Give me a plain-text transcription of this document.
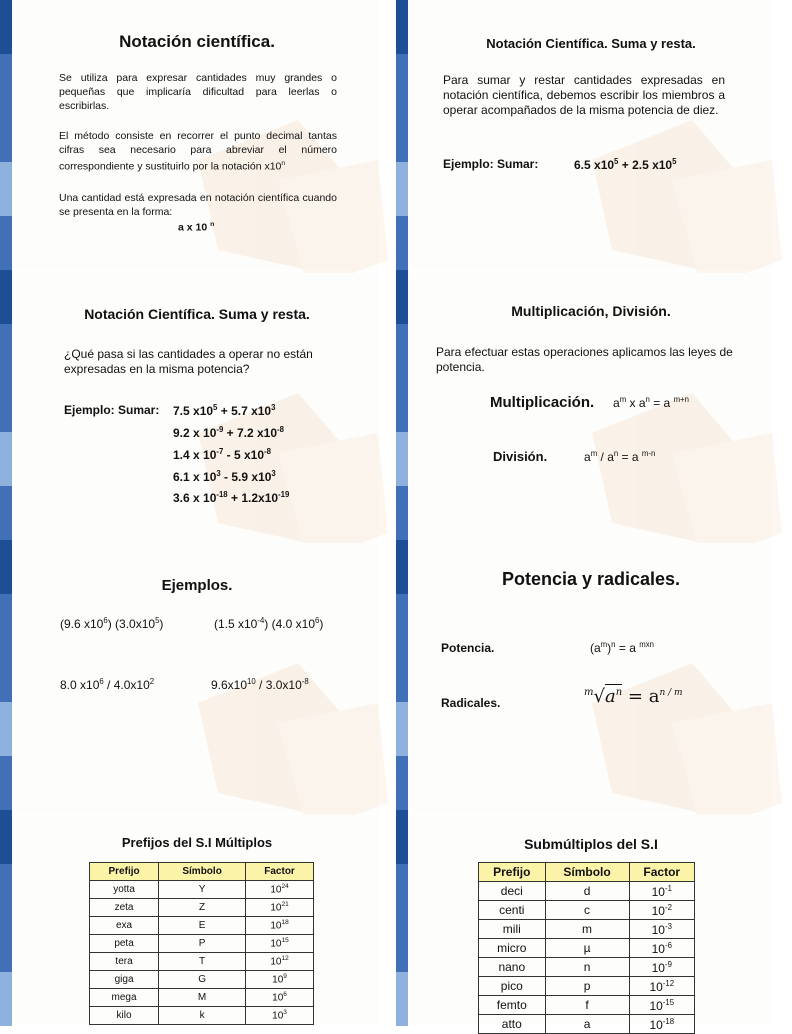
Notación científica.
Se utiliza para expresar cantidades muy grandes o pequeñas que implicaría dificultad para leerlas o escribirlas.
El método consiste en recorrer el punto decimal tantas cifras sea necesario para abreviar el número correspondiente y sustituirlo por la notación x10$^n$
Una cantidad está expresada en notación científica cuando se presenta en la forma:
a x 10 $^n$
Notación Científica. Suma y resta.
Para sumar y restar cantidades expresadas en notación científica, debemos escribir los miembros a operar acompañados de la misma potencia de diez.
Ejemplo: Sumar:	6.5 $x10^5 + 2.5$ $x10^5$
Notación Científica. Suma y resta.
¿Qué pasa si las cantidades a operar no están expresadas en la misma potencia?
Ejemplo: Sumar: 7.5 $x10^5 + 5.7$ $x10^3$
9.2 x $10^{-9} + 7.2$ $x10^{-8}$
1.4 x $10^{-7} - 5$ $x10^{-8}$
6.1 x $10^3 - 5.9$ $x10^3$
3.6 x $10^{-18} + 1.2x10^{-19}$
Multiplicación, División.
Para efectuar estas operaciones aplicamos las leyes de potencia.
Multiplicación. $a^m$ x $a^n = a$ $^{m+n}$
División.	$a^m / a^n = a$ $^{m-n}$
Ejemplos.
(9.6 $x10^6$) $(3.0x10^5)$	(1.5 $x10^{-4}$) (4.0 $x10^6$)
8.0 $x10^6 / 4.0x10^2$	$9.6x10^{10} / 3.0x10^{-8}$
Potencia y radicales.
Potencia.	$(a^m)^n = a$ $^{mxn}$
Radicales.
$^m√a^n = a^{n / m}$
Prefijos del S.I Múltiplos
Prefijo	Símbolo	Factor
yotta	Y	$10^{24}$
zeta	Z	$10^{21}$
exa	E	$10^{18}$
peta	P	$10^{15}$
tera	T	$10^{12}$
giga	G	$10^9$
mega	M	$10^6$
kilo	k	$10^3$
Submúltiplos del S.I
Prefijo	Símbolo	Factor
deci	d	$10^{-1}$
centi	c	$10^{-2}$
mili	m	$10^{-3}$
micro	µ	$10^{-6}$
nano	n	$10^{-9}$
pico	p	$10^{-12}$
femto	f	$10^{-15}$
atto	a	$10^{-18}$
